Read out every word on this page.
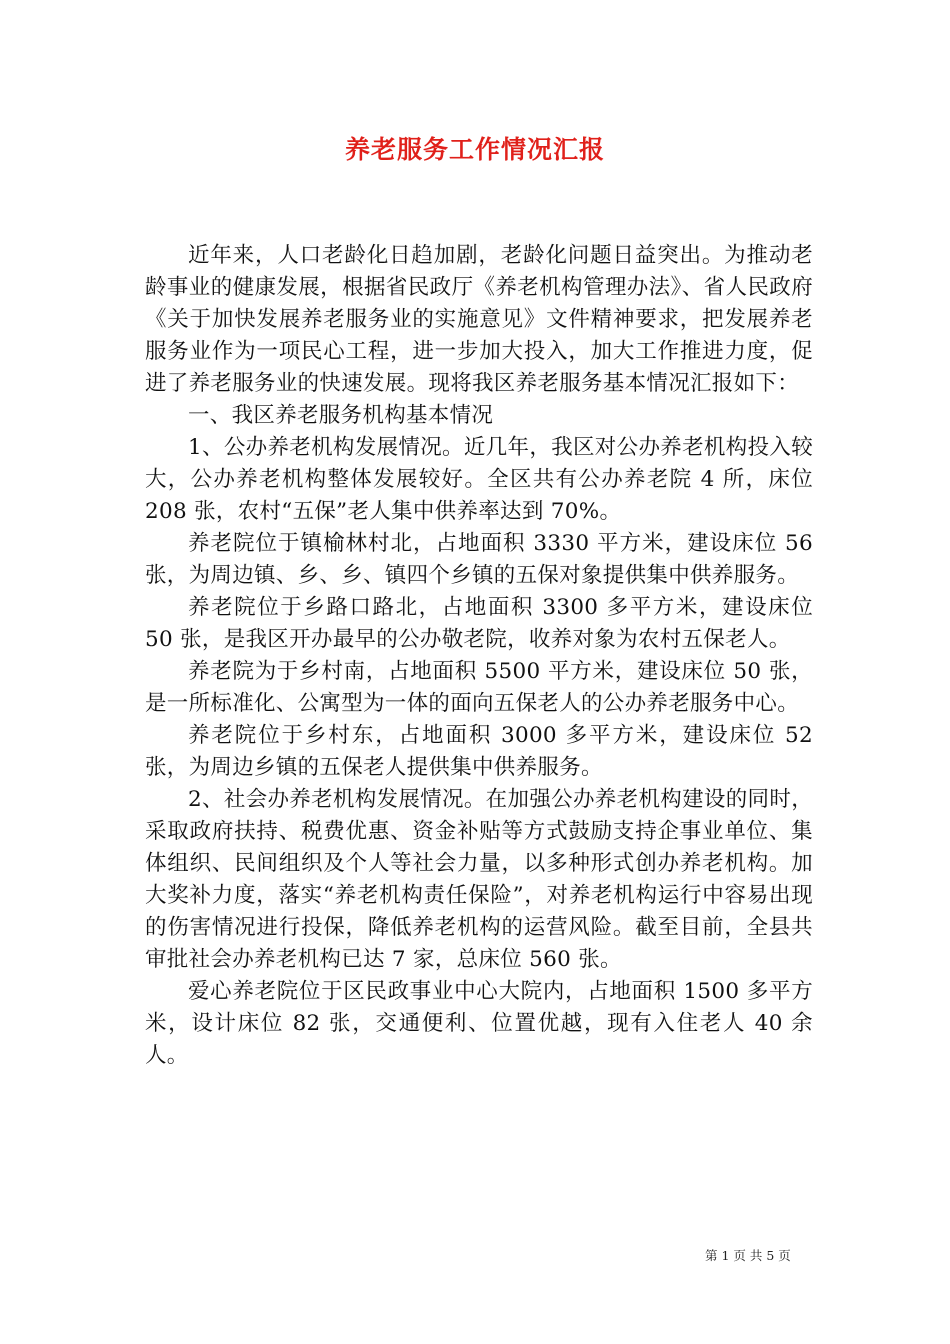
养老服务工作情况汇报

近年来，人口老龄化日趋加剧，老龄化问题日益突出。为推动老龄事业的健康发展，根据省民政厅《养老机构管理办法》、省人民政府《关于加快发展养老服务业的实施意见》文件精神要求，把发展养老服务业作为一项民心工程，进一步加大投入，加大工作推进力度，促进了养老服务业的快速发展。现将我区养老服务基本情况汇报如下：

一、我区养老服务机构基本情况

1、公办养老机构发展情况。近几年，我区对公办养老机构投入较大，公办养老机构整体发展较好。全区共有公办养老院 4 所，床位 208 张，农村“五保”老人集中供养率达到 70%。

养老院位于镇榆林村北，占地面积 3330 平方米，建设床位 56 张，为周边镇、乡、乡、镇四个乡镇的五保对象提供集中供养服务。

养老院位于乡路口路北，占地面积 3300 多平方米，建设床位 50 张，是我区开办最早的公办敬老院，收养对象为农村五保老人。

养老院为于乡村南，占地面积 5500 平方米，建设床位 50 张，是一所标准化、公寓型为一体的面向五保老人的公办养老服务中心。

养老院位于乡村东，占地面积 3000 多平方米，建设床位 52 张，为周边乡镇的五保老人提供集中供养服务。

2、社会办养老机构发展情况。在加强公办养老机构建设的同时，采取政府扶持、税费优惠、资金补贴等方式鼓励支持企事业单位、集体组织、民间组织及个人等社会力量，以多种形式创办养老机构。加大奖补力度，落实“养老机构责任保险”，对养老机构运行中容易出现的伤害情况进行投保，降低养老机构的运营风险。截至目前，全县共审批社会办养老机构已达 7 家，总床位 560 张。

爱心养老院位于区民政事业中心大院内，占地面积 1500 多平方米，设计床位 82 张，交通便利、位置优越，现有入住老人 40 余人。

第 1 页 共 5 页
